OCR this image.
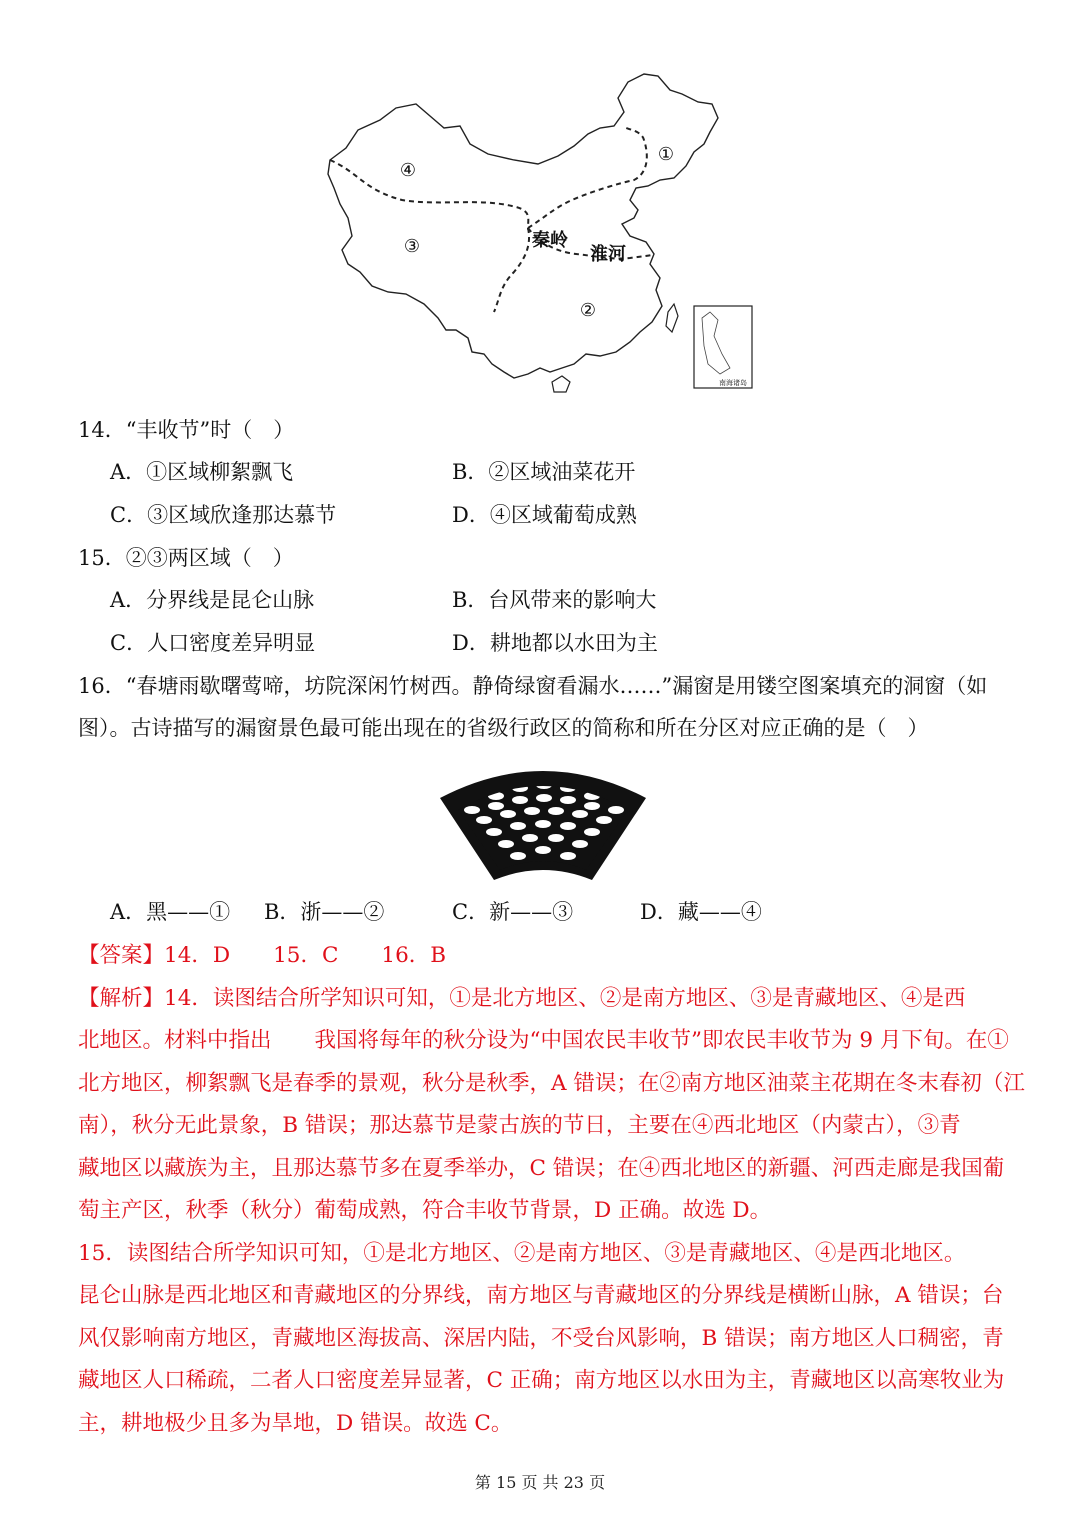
①
②
③
④
秦岭
淮河
南海诸岛
14．“丰收节”时（　）
A．①区域柳絮飘飞	B．②区域油菜花开
C．③区域欣逢那达慕节	D．④区域葡萄成熟
15．②③两区域（　）
A．分界线是昆仑山脉	B．台风带来的影响大
C．人口密度差异明显	D．耕地都以水田为主
16．“春塘雨歇曙莺啼，坊院深闲竹树西。静倚绿窗看漏水……”漏窗是用镂空图案填充的洞窗（如
图）。古诗描写的漏窗景色最可能出现在的省级行政区的简称和所在分区对应正确的是（　）
A．黑——① B．浙——②	C．新——③	D．藏——④
【答案】14．D　　15．C　　16．B
【解析】14．读图结合所学知识可知，①是北方地区、②是南方地区、③是青藏地区、④是西
北地区。材料中指出　　我国将每年的秋分设为“中国农民丰收节”即农民丰收节为 9 月下旬。在①
北方地区，柳絮飘飞是春季的景观，秋分是秋季，A 错误；在②南方地区油菜主花期在冬末春初（江
南），秋分无此景象，B 错误；那达慕节是蒙古族的节日，主要在④西北地区（内蒙古），③青
藏地区以藏族为主，且那达慕节多在夏季举办，C 错误；在④西北地区的新疆、河西走廊是我国葡
萄主产区，秋季（秋分）葡萄成熟，符合丰收节背景，D 正确。故选 D。
15．读图结合所学知识可知，①是北方地区、②是南方地区、③是青藏地区、④是西北地区。
昆仑山脉是西北地区和青藏地区的分界线，南方地区与青藏地区的分界线是横断山脉，A 错误；台
风仅影响南方地区，青藏地区海拔高、深居内陆，不受台风影响，B 错误；南方地区人口稠密，青
藏地区人口稀疏，二者人口密度差异显著，C 正确；南方地区以水田为主，青藏地区以高寒牧业为
主，耕地极少且多为旱地，D 错误。故选 C。
第 15 页 共 23 页
